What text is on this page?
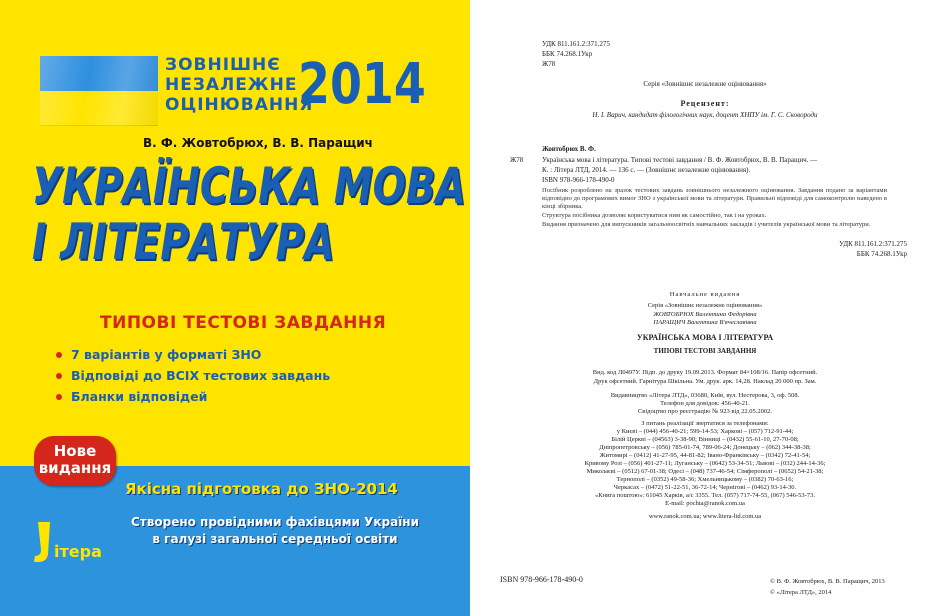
ЗОВНІШНЄ
НЕЗАЛЕЖНЕ
ОЦІНЮВАННЯ
2014
В. Ф. Жовтобрюх, В. В. Паращич
УКРАЇНСЬКА МОВА
І ЛІТЕРАТУРА
ТИПОВІ ТЕСТОВІ ЗАВДАННЯ
7 варіантів у форматі ЗНО
Відповіді до ВСІХ тестових завдань
Бланки відповідей
Нове
видання
Якісна підготовка до ЗНО-2014
Створено провідними фахівцями України
в галузі загальної середньої освіти
ітера
УДК 811.161.2:371.275
ББК 74.268.1Укр
Ж78
Серія «Зовнішнє незалежне оцінювання»
Рецензент:
Н. І. Варич, кандидат філологічних наук, доцент ХНПУ ім. Г. С. Сковороди
Жовтобрюх В. Ф.
Ж78	Українська мова і література. Типові тестові завдання / В. Ф. Жовтобрюх, В. В. Паращич. —
К. : Літера ЛТД, 2014. — 136 с. — (Зовнішнє незалежне оцінювання).
ISBN 978-966-178-490-0
Посібник розроблено на зразок тестових завдань зовнішнього незалежного оцінювання. Завдання подано за варіантами відповідно до програмових вимог ЗНО з української мови та літератури. Правильні відповіді для самоконтролю наведено в кінці збірника.
Структура посібника дозволяє користуватися ним як самостійно, так і на уроках.
Видання призначено для випускників загальноосвітніх навчальних закладів і учителів української мови та літератури.
УДК 811.161.2:371.275
ББК 74.268.1Укр
Навчальне видання
Серія «Зовнішнє незалежне оцінювання»
ЖОВТОБРЮХ Валентина Федорівна
ПАРАЩИЧ Валентина В'ячеславівна
УКРАЇНСЬКА МОВА І ЛІТЕРАТУРА
ТИПОВІ ТЕСТОВІ ЗАВДАННЯ
Вид. код Л0497У. Підп. до друку 19.09.2013. Формат 84×108/16. Папір офсетний.
Друк офсетний. Гарнітура Шкільна. Ум. друк. арк. 14,28. Наклад 20 000 пр. Зам.
Видавництво «Літера ЛТД», 03680, Київ, вул. Нестерова, 3, оф. 508.
Телефон для довідок: 456-40-21.
Свідоцтво про реєстрацію № 923 від 22.05.2002.
З питань реалізації звертатися за телефонами:
у Києві – (044) 456-40-21; 599-14-53; Харкові – (057) 712-91-44;
Білій Церкві – (04563) 3-38-90; Вінниці – (0432) 55-61-10, 27-70-08;
Дніпропетровську – (056) 785-01-74, 789-06-24; Донецьку – (062) 344-38-38;
Житомирі – (0412) 41-27-95, 44-81-82; Івано-Франківську – (0342) 72-41-54;
Кривому Розі – (056) 401-27-11; Луганську – (0642) 53-34-51; Львові – (032) 244-14-36;
Миколаєві – (0512) 67-01-38; Одесі – (048) 737-46-54; Сімферополі – (0652) 54-21-38;
Тернополі – (0352) 49-58-36; Хмельницькому – (0382) 70-63-16;
Черкасах – (0472) 51-22-51, 36-72-14; Чернігові – (0462) 93-14-30.
«Книга поштою»: 61045 Харків, а/с 3355. Тел. (057) 717-74-55, (067) 546-53-73.
E-mail: pochta@ranok.com.ua
www.ranok.com.ua; www.litera-ltd.com.ua
ISBN 978-966-178-490-0	© В. Ф. Жовтобрюх, В. В. Паращич, 2013
© «Літера ЛТД», 2014
